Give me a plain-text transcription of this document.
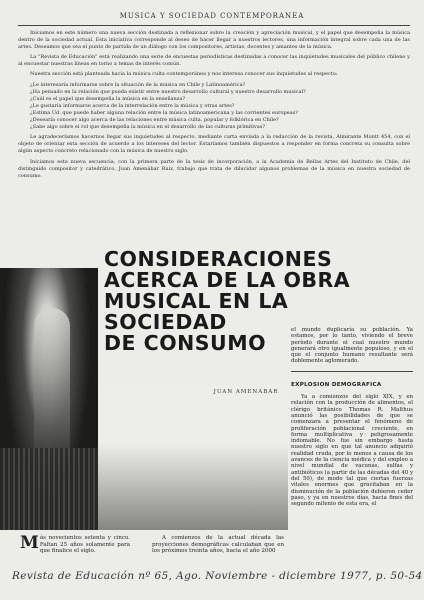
MUSICA Y SOCIEDAD CONTEMPORANEA

Iniciamos en este número una nueva sección destinada a reflexionar sobre la creación y apreciación musical, y el papel que desempeña la música dentro de la sociedad actual. Esta iniciativa corresponde al deseo de hacer llegar a nuestros lectores, una información integral sobre cada una de las artes. Deseamos que sea el punto de partida de un diálogo con los compositores, artistas, docentes y amantes de la música.

La "Revista de Educación" está realizando una serie de encuestas periodísticas destinadas a conocer las inquietudes musicales del público chileno y al encuestar nuestras líneas en torno a temas de interés común.

Nuestra sección está planteada hacia la música culta contemporánea y nos interesa conocer sus inquietudes al respecto:

¿Le interesaría informarse sobre la situación de la música en Chile y Latinoamérica?
¿Ha pensado en la relación que pueda existir entre nuestro desarrollo cultural y nuestro desarrollo musical?
¿Cuál es el papel que desempeña la música en la enseñanza?
¿Le gustaría informarse acerca de la interrelación entre la música y otras artes?
¿Estima Ud. que puede haber alguna relación entre la música latinoamericana y las corrientes europeas?
¿Desearía conocer algo acerca de las relaciones entre música culta, popular y folklórica en Chile?
¿Sabe algo sobre el rol que desempeña la música en el desarrollo de las culturas primitivas?

Le agradeceríamos hacernos llegar sus inquietudes al respecto, mediante carta enviada a la redacción de la revista, Almirante Montt 454, con el objeto de orientar esta sección de acuerdo a los intereses del lector. Estaríamos también dispuestos a responder en forma concreta su consulta sobre algún aspecto concreto relacionado con la música de nuestro siglo.

Iniciamos esta nueva secuencia, con la primera parte de la tesis de incorporación, a la Academia de Bellas Artes del Instituto de Chile, del distinguido compositor y catedrático, Juan Amenábar Ruiz, trabajo que trata de dilucidar algunos problemas de la música en nuestra sociedad de consumo.

CONSIDERACIONES
ACERCA DE LA OBRA
MUSICAL EN LA
SOCIEDAD
DE CONSUMO
JUAN AMENABAR

el mundo duplicaría su población. Ya estamos, por lo tanto, viviendo el breve período durante el cual nuestro mundo generará otro igualmente populoso, y en el que el conjunto humano resultante será doblemente aglomerado.

EXPLOSION DEMOGRAFICA

Ya a comienzos del siglo XIX, y en relación con la producción de alimentos, el clérigo británico Thomas R. Malthus anunció las posibilidades de que se comenzara a presentar el fenómeno de proliferación poblacional creciente, en forma multiplicativa y peligrosamente indomable. No fue sin embargo hasta nuestro siglo en que tal anuncio adquirió realidad cruda, por lo menos a causa de los avances de la ciencia médica y del empleo a nivel mundial de vacunas, sulfas y antibióticos (a partir de las décadas del 40 y del 50), de modo tal que ciertas fuerzas vitales enormes que gravitaban en la disminución de la población debieron ceder paso, y ya en nuestros días, hacia fines del segundo milenio de esta era, el

Más novecientos setenta y cinco. Faltan 25 años solamente para que finalice el siglo.

A comienzos de la actual década las proyecciones demográficas calculaban que en los próximos treinta años, hacia el año 2000

Revista de Educación nº 65, Ago. Noviembre - diciembre 1977, p. 50-54
